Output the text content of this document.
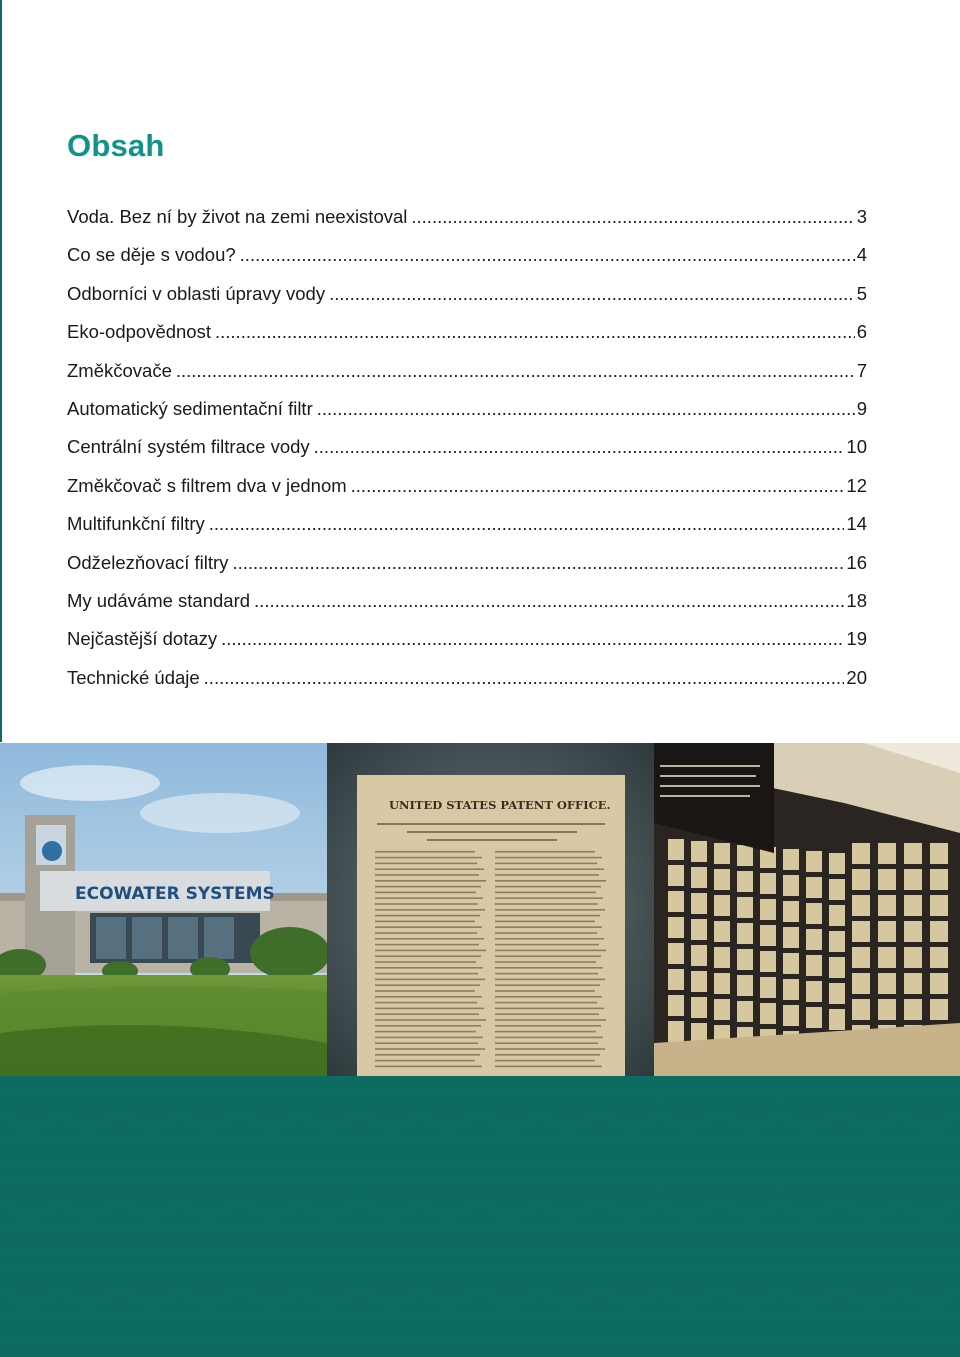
Obsah
Voda. Bez ní by život na zemi neexistoval .....	3
Co se děje s vodou? .....	.4
Odborníci v oblasti úpravy vody .....	5
Eko-odpovědnost .....	6
Změkčovače .....	7
Automatický sedimentační filtr .....	9
Centrální systém filtrace vody .....	10
Změkčovač s filtrem dva v jednom .....	12
Multifunkční filtry .....	14
Odželezňovací filtry .....	16
My udáváme standard .....	18
Nejčastější dotazy .....	19
Technické údaje .....	20
ECOWATER SYSTEMS
UNITED STATES PATENT OFFICE.
